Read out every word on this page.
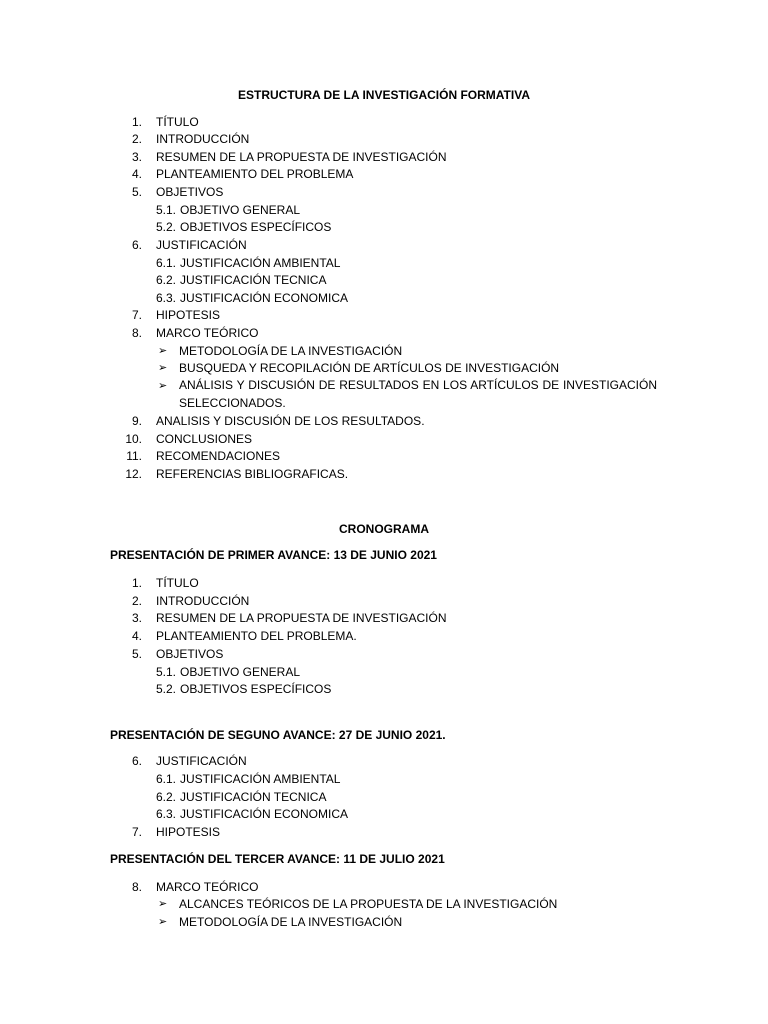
ESTRUCTURA DE LA INVESTIGACIÓN FORMATIVA
1. TÍTULO
2. INTRODUCCIÓN
3. RESUMEN DE LA PROPUESTA DE INVESTIGACIÓN
4. PLANTEAMIENTO DEL PROBLEMA
5. OBJETIVOS
5.1. OBJETIVO GENERAL
5.2. OBJETIVOS ESPECÍFICOS
6. JUSTIFICACIÓN
6.1. JUSTIFICACIÓN AMBIENTAL
6.2. JUSTIFICACIÓN TECNICA
6.3. JUSTIFICACIÓN ECONOMICA
7. HIPOTESIS
8. MARCO TEÓRICO
➢ METODOLOGÍA DE LA INVESTIGACIÓN
➢ BUSQUEDA Y RECOPILACIÓN DE ARTÍCULOS DE INVESTIGACIÓN
➢ ANÁLISIS Y DISCUSIÓN DE RESULTADOS EN LOS ARTÍCULOS DE INVESTIGACIÓN SELECCIONADOS.
9. ANALISIS Y DISCUSIÓN DE LOS RESULTADOS.
10. CONCLUSIONES
11. RECOMENDACIONES
12. REFERENCIAS BIBLIOGRAFICAS.
CRONOGRAMA
PRESENTACIÓN DE PRIMER AVANCE: 13 DE JUNIO 2021
1. TÍTULO
2. INTRODUCCIÓN
3. RESUMEN DE LA PROPUESTA DE INVESTIGACIÓN
4. PLANTEAMIENTO DEL PROBLEMA.
5. OBJETIVOS
5.1. OBJETIVO GENERAL
5.2. OBJETIVOS ESPECÍFICOS
PRESENTACIÓN DE SEGUNO AVANCE: 27 DE JUNIO 2021.
6. JUSTIFICACIÓN
6.1. JUSTIFICACIÓN AMBIENTAL
6.2. JUSTIFICACIÓN TECNICA
6.3. JUSTIFICACIÓN ECONOMICA
7. HIPOTESIS
PRESENTACIÓN DEL TERCER AVANCE: 11 DE JULIO 2021
8. MARCO TEÓRICO
➢ ALCANCES TEÓRICOS DE LA PROPUESTA DE LA INVESTIGACIÓN
➢ METODOLOGÍA DE LA INVESTIGACIÓN
